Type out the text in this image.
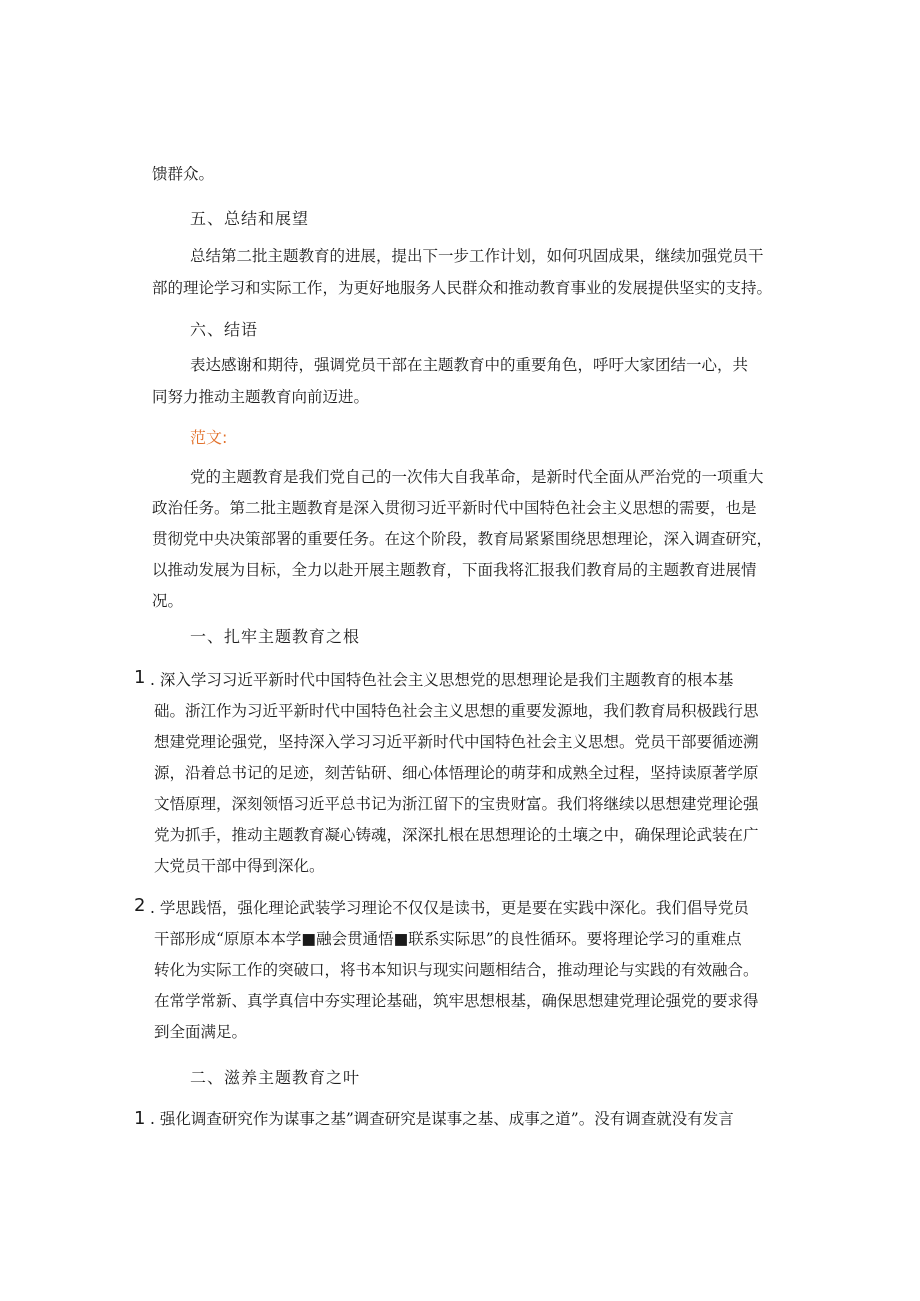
馈群众。

五、总结和展望

总结第二批主题教育的进展，提出下一步工作计划，如何巩固成果，继续加强党员干
部的理论学习和实际工作，为更好地服务人民群众和推动教育事业的发展提供坚实的支持。

六、结语

表达感谢和期待，强调党员干部在主题教育中的重要角色，呼吁大家团结一心，共
同努力推动主题教育向前迈进。

范文:

党的主题教育是我们党自己的一次伟大自我革命，是新时代全面从严治党的一项重大
政治任务。第二批主题教育是深入贯彻习近平新时代中国特色社会主义思想的需要，也是
贯彻党中央决策部署的重要任务。在这个阶段，教育局紧紧围绕思想理论，深入调查研究，
以推动发展为目标，全力以赴开展主题教育，下面我将汇报我们教育局的主题教育进展情
况。

一、扎牢主题教育之根

1 . 深入学习习近平新时代中国特色社会主义思想党的思想理论是我们主题教育的根本基
础。浙江作为习近平新时代中国特色社会主义思想的重要发源地，我们教育局积极践行思
想建党理论强党，坚持深入学习习近平新时代中国特色社会主义思想。党员干部要循迹溯
源，沿着总书记的足迹，刻苦钻研、细心体悟理论的萌芽和成熟全过程，坚持读原著学原
文悟原理，深刻领悟习近平总书记为浙江留下的宝贵财富。我们将继续以思想建党理论强
党为抓手，推动主题教育凝心铸魂，深深扎根在思想理论的土壤之中，确保理论武装在广
大党员干部中得到深化。
2 . 学思践悟，强化理论武装学习理论不仅仅是读书，更是要在实践中深化。我们倡导党员
干部形成“原原本本学■融会贯通悟■联系实际思”的良性循环。要将理论学习的重难点
转化为实际工作的突破口，将书本知识与现实问题相结合，推动理论与实践的有效融合。
在常学常新、真学真信中夯实理论基础，筑牢思想根基，确保思想建党理论强党的要求得
到全面满足。

二、滋养主题教育之叶

1 . 强化调查研究作为谋事之基”调查研究是谋事之基、成事之道”。没有调查就没有发言
